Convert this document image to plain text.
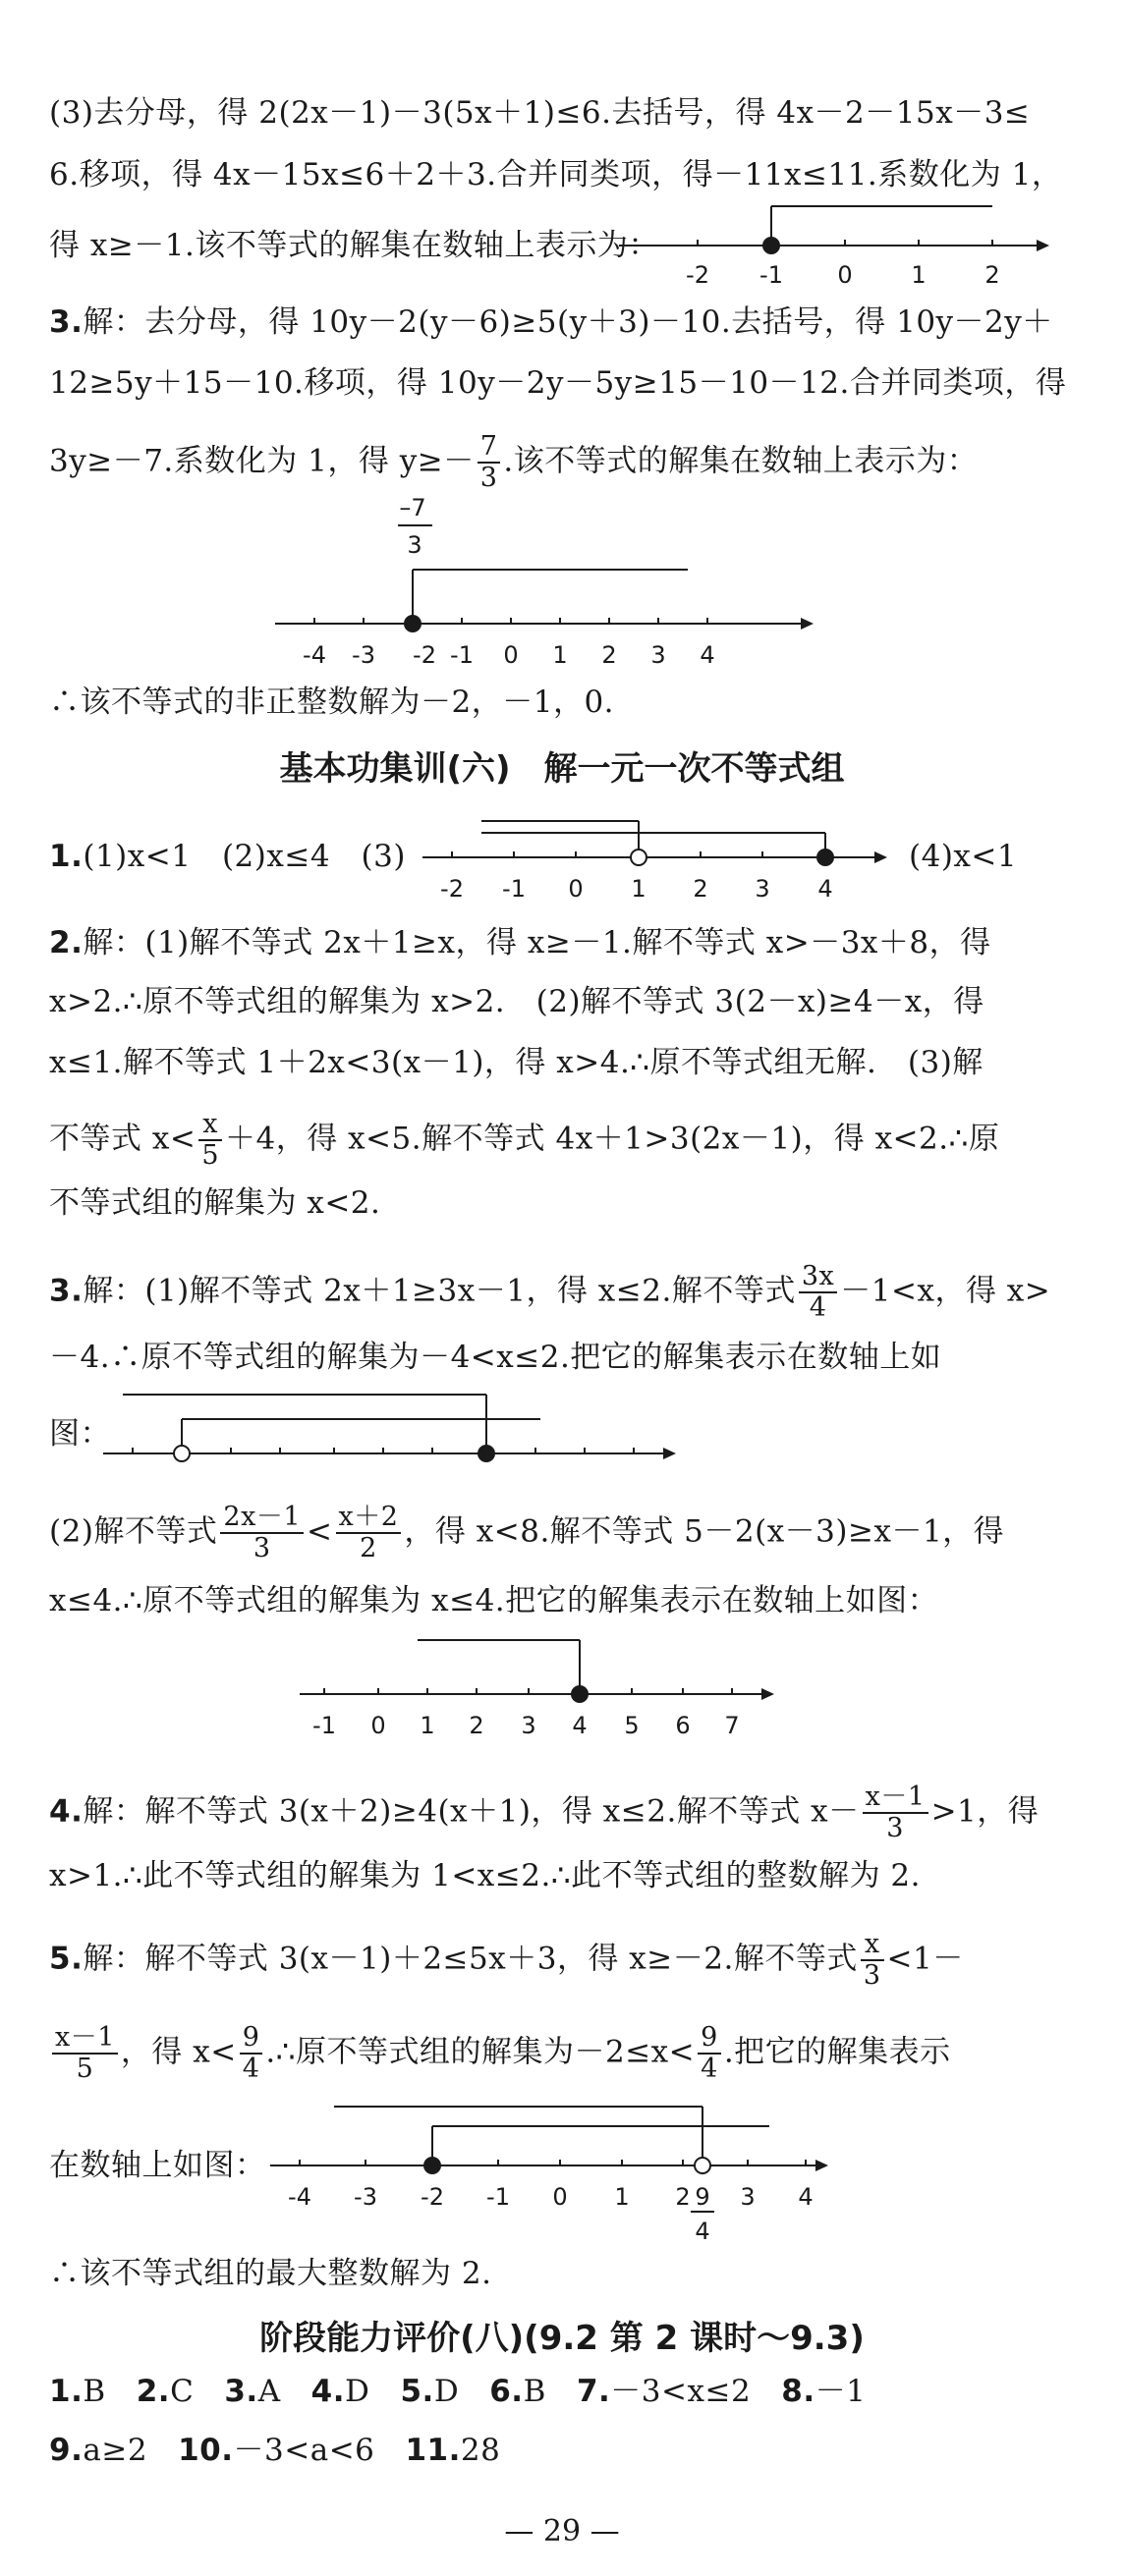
(3)去分母，得 2(2x－1)－3(5x＋1)≤6.去括号，得 4x－2－15x－3≤
6.移项，得 4x－15x≤6＋2＋3.合并同类项，得－11x≤11.系数化为 1，
得 x≥－1.该不等式的解集在数轴上表示为：
-2 -1 0 1 2
3.解：去分母，得 10y－2(y－6)≥5(y＋3)－10.去括号，得 10y－2y＋
12≥5y＋15－10.移项，得 10y－2y－5y≥15－10－12.合并同类项，得
3y≥－7.系数化为 1，得 $y\ge- \frac{7}{3}$ .该不等式的解集在数轴上表示为：
–7
3
-4 -3 -2 -1 0 1 2 3 4
∴该不等式的非正整数解为－2，－1，0.
基本功集训(六)　解一元一次不等式组
1.(1)x<1　(2)x≤4　(3)	(4)x<1
-2 -1 0 1 2 3 4
2.解：(1)解不等式 2x＋1≥x，得 x≥－1.解不等式 x>－3x＋8，得
x>2.∴原不等式组的解集为 x>2.　(2)解不等式 3(2－x)≥4－x，得
x≤1.解不等式 1＋2x<3(x－1)，得 x>4.∴原不等式组无解.　(3)解
不等式 $x< \frac{x}{5} +4$，得 x<5.解不等式 4x＋1>3(2x－1)，得 x<2.∴原
不等式组的解集为 x<2.
3.解：(1)解不等式 2x＋1≥3x－1，得 x≤2.解不等式 $\frac{3x}{4} -1<x$，得 x>
－4.∴原不等式组的解集为－4<x≤2.把它的解集表示在数轴上如
图：
(2)解不等式 $\frac{2x-1}{3} < \frac{x+2}{2}$ ，得 x<8.解不等式 5－2(x－3)≥x－1，得
x≤4.∴原不等式组的解集为 x≤4.把它的解集表示在数轴上如图：
-1 0 1 2 3 4 5 6 7
4.解：解不等式 3(x＋2)≥4(x＋1)，得 x≤2.解不等式 $x- \frac{x-1}{3} >1$，得
x>1.∴此不等式组的解集为 1<x≤2.∴此不等式组的整数解为 2.
5.解：解不等式 3(x－1)＋2≤5x＋3，得 x≥－2.解不等式 $\frac{x}{3} <1-$
$\frac{x-1}{5}$ ，得 $x< \frac{9}{4}$ .∴原不等式组的解集为$-2\le x< \frac{9}{4}$ .把它的解集表示
在数轴上如图：
-4 -3 -2 -1 0 1 2 9
4
3 4
∴该不等式组的最大整数解为 2.
阶段能力评价(八)(9.2 第 2 课时～9.3)
1.B 2.C 3.A 4.D 5.D 6.B 7.－3<x≤2 8.－1
9.a≥2 10.－3<a<6 11.28
— 29 —
